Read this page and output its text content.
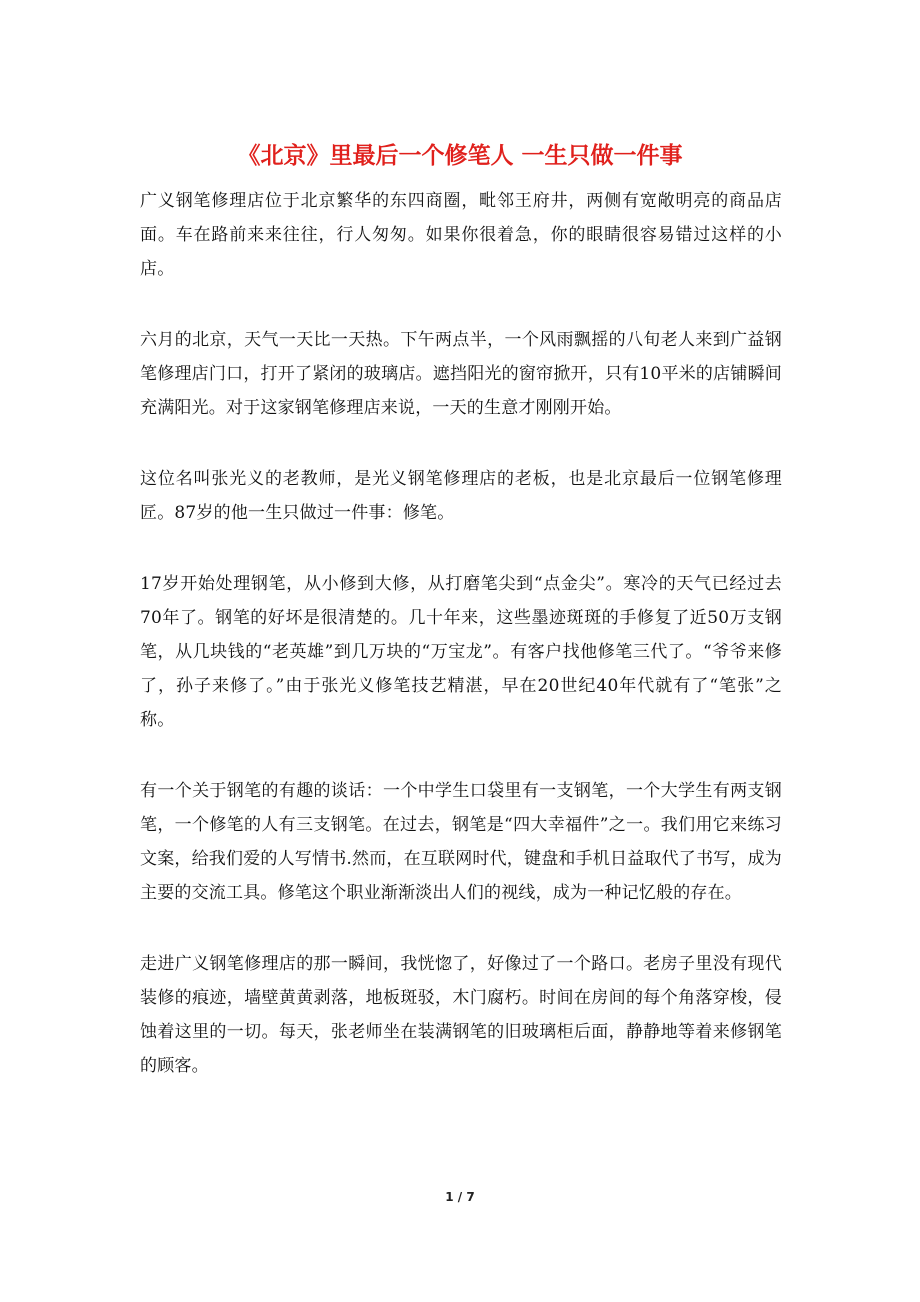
《北京》里最后一个修笔人 一生只做一件事

广义钢笔修理店位于北京繁华的东四商圈，毗邻王府井，两侧有宽敞明亮的商品店面。车在路前来来往往，行人匆匆。如果你很着急，你的眼睛很容易错过这样的小店。

六月的北京，天气一天比一天热。下午两点半，一个风雨飘摇的八旬老人来到广益钢笔修理店门口，打开了紧闭的玻璃店。遮挡阳光的窗帘掀开，只有10平米的店铺瞬间充满阳光。对于这家钢笔修理店来说，一天的生意才刚刚开始。

这位名叫张光义的老教师，是光义钢笔修理店的老板，也是北京最后一位钢笔修理匠。87岁的他一生只做过一件事：修笔。

17岁开始处理钢笔，从小修到大修，从打磨笔尖到“点金尖”。寒冷的天气已经过去70年了。钢笔的好坏是很清楚的。几十年来，这些墨迹斑斑的手修复了近50万支钢笔，从几块钱的“老英雄”到几万块的“万宝龙”。有客户找他修笔三代了。“爷爷来修了，孙子来修了。”由于张光义修笔技艺精湛，早在20世纪40年代就有了“笔张”之称。

有一个关于钢笔的有趣的谈话：一个中学生口袋里有一支钢笔，一个大学生有两支钢笔，一个修笔的人有三支钢笔。在过去，钢笔是“四大幸福件”之一。我们用它来练习文案，给我们爱的人写情书.然而，在互联网时代，键盘和手机日益取代了书写，成为主要的交流工具。修笔这个职业渐渐淡出人们的视线，成为一种记忆般的存在。

走进广义钢笔修理店的那一瞬间，我恍惚了，好像过了一个路口。老房子里没有现代装修的痕迹，墙壁黄黄剥落，地板斑驳，木门腐朽。时间在房间的每个角落穿梭，侵蚀着这里的一切。每天，张老师坐在装满钢笔的旧玻璃柜后面，静静地等着来修钢笔的顾客。

1 / 7
